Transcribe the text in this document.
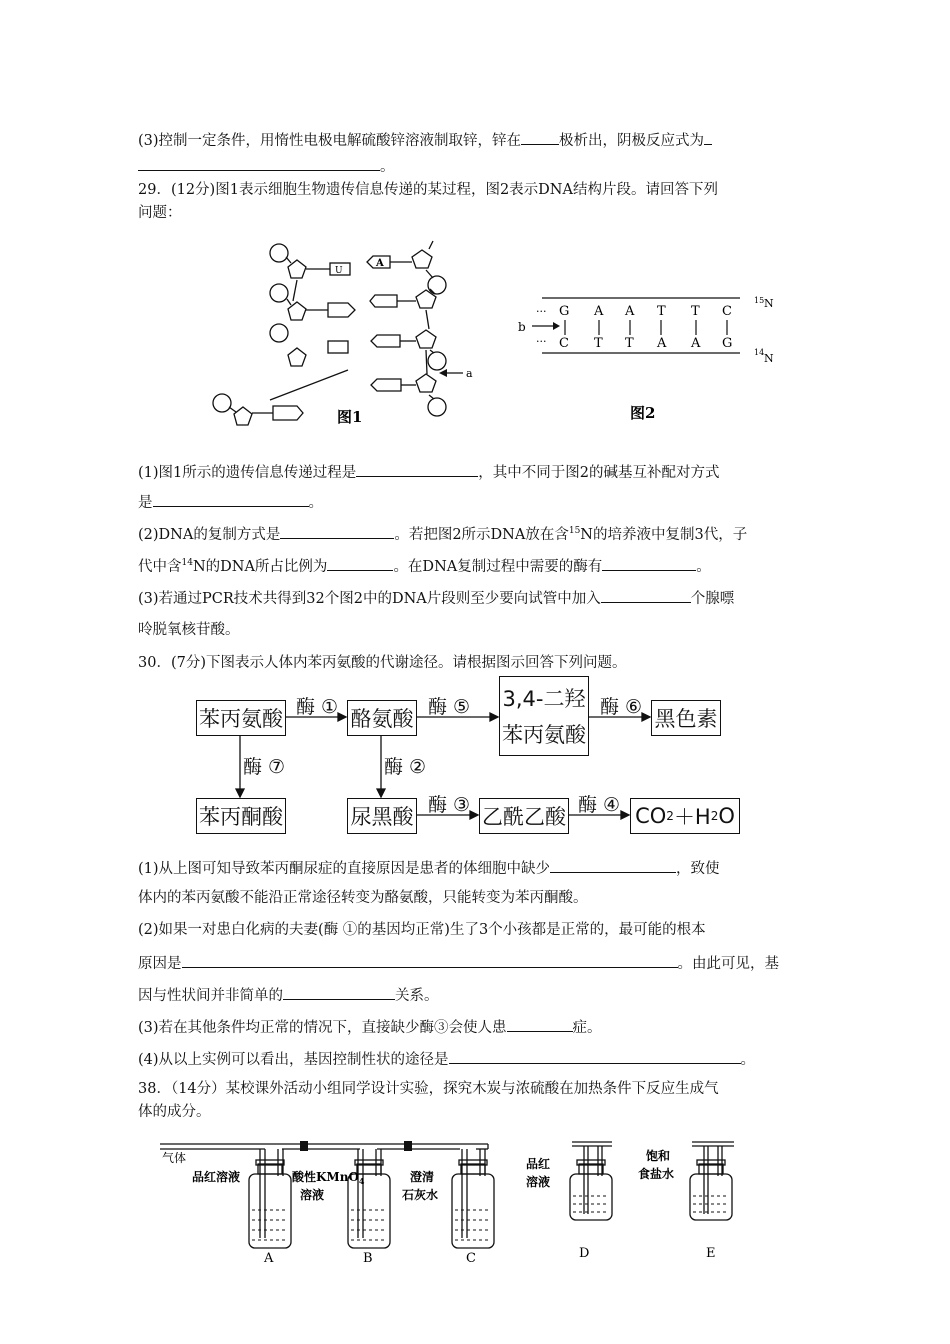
(3)控制一定条件，用惰性电极电解硫酸锌溶液制取锌，锌在	极析出，阴极反应式为
。
29．(12分)图1表示细胞生物遗传信息传递的某过程，图2表示DNA结构片段。请回答下列
问题：
a
A
U
图1
···
···
G A A T T C
C T T A A G
b
15 N
14 N
图2
(1)图1所示的遗传信息传递过程是	，其中不同于图2的碱基互补配对方式
是	。
(2)DNA的复制方式是	。若把图2所示DNA放在含$^{15}$N的培养液中复制3代，子
代中含$^{14}$N的DNA所占比例为	。在DNA复制过程中需要的酶有	。
(3)若通过PCR技术共得到32个图2中的DNA片段则至少要向试管中加入	个腺嘌
呤脱氧核苷酸。
30．(7分)下图表示人体内苯丙氨酸的代谢途径。请根据图示回答下列问题。
苯丙氨酸	酪氨酸
3,4-二羟
苯丙氨酸
黑色素
苯丙酮酸	尿黑酸	乙酰乙酸	CO 2 ＋H 2 O
酶 ①	酶 ⑤	酶 ⑥
酶 ⑦	酶 ②
酶 ③	酶 ④
(1)从上图可知导致苯丙酮尿症的直接原因是患者的体细胞中缺少	，致使
体内的苯丙氨酸不能沿正常途径转变为酪氨酸，只能转变为苯丙酮酸。
(2)如果一对患白化病的夫妻(酶 ①的基因均正常)生了3个小孩都是正常的，最可能的根本
原因是	。由此可见，基
因与性状间并非简单的	关系。
(3)若在其他条件均正常的情况下，直接缺少酶③会使人患	症。
(4)从以上实例可以看出，基因控制性状的途径是	。
38．（14分）某校课外活动小组同学设计实验，探究木炭与浓硫酸在加热条件下反应生成气
体的成分。
气体
品红溶液	酸性KMnO$_4$
溶液
澄清
石灰水
A	B	C
品红
溶液
D
饱和
食盐水
E
